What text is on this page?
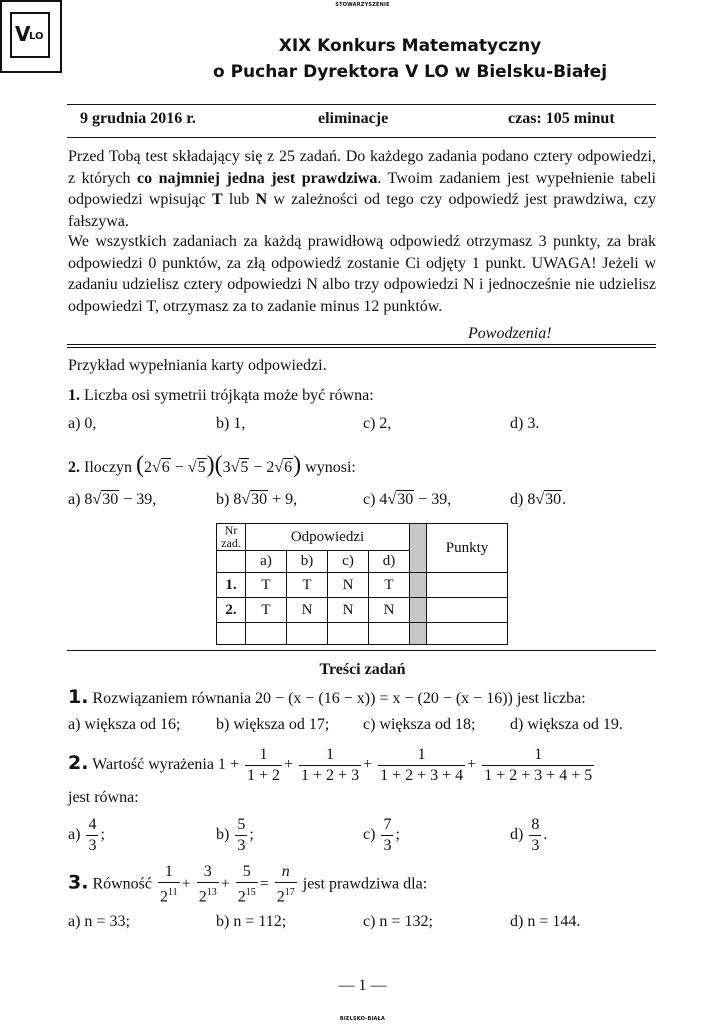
STOWARZYSZENIE
V
LO
BIELSKO-BIAŁA
XIX Konkurs Matematyczny
o Puchar Dyrektora V LO w Bielsku-Białej
9 grudnia 2016 r.	eliminacje	czas: 105 minut
Przed Tobą test składający się z 25 zadań. Do każdego zadania podano cztery odpowiedzi, z których co najmniej jedna jest prawdziwa. Twoim zadaniem jest wypełnienie tabeli odpowiedzi wpisując T lub N w zależności od tego czy odpowiedź jest prawdziwa, czy fałszywa.
We wszystkich zadaniach za każdą prawidłową odpowiedź otrzymasz 3 punkty, za brak odpowiedzi 0 punktów, za złą odpowiedź zostanie Ci odjęty 1 punkt. UWAGA! Jeżeli w zadaniu udzielisz cztery odpowiedzi N albo trzy odpowiedzi N i jednocześnie nie udzielisz odpowiedzi T, otrzymasz za to zadanie minus 12 punktów.
Powodzenia!
Przykład wypełniania karty odpowiedzi.
1. Liczba osi symetrii trójkąta może być równa:
a) 0,	b) 1,	c) 2,	d) 3.
2. Iloczyn (2√6 − √5)(3√5 − 2√6) wynosi:
a) 8√30 − 39,	b) 8√30 + 9,	c) 4√30 − 39,	d) 8√30.
Nr
zad.	Odpowiedzi					Punkty
	a)	b)	c)	d)		
1.	T	T	N	T		
2.	T	N	N	N		

Treści zadań
1. Rozwiązaniem równania 20 − (x − (16 − x)) = x − (20 − (x − 16)) jest liczba:
a) większa od 16; b) większa od 17; c) większa od 18; d) większa od 19.
2. Wartość wyrażenia $1 + \frac{1}{1 + 2} + \frac{1}{1 + 2 + 3} + \frac{1}{1 + 2 + 3 + 4} + \frac{1}{1 + 2 + 3 + 4 + 5}$
jest równa:
$a) \frac{4}{3}$ ;	$b) \frac{5}{3}$ ;	$c) \frac{7}{3}$ ;	$d) \frac{8}{3}$ .
3. Równość $\frac{1}{2^{11}} + \frac{3}{2^{13}} + \frac{5}{2^{15}} = \frac{n}{2^{17}}$ jest prawdziwa dla:
a) n = 33;	b) n = 112;	c) n = 132;	d) n = 144.
— 1 —
